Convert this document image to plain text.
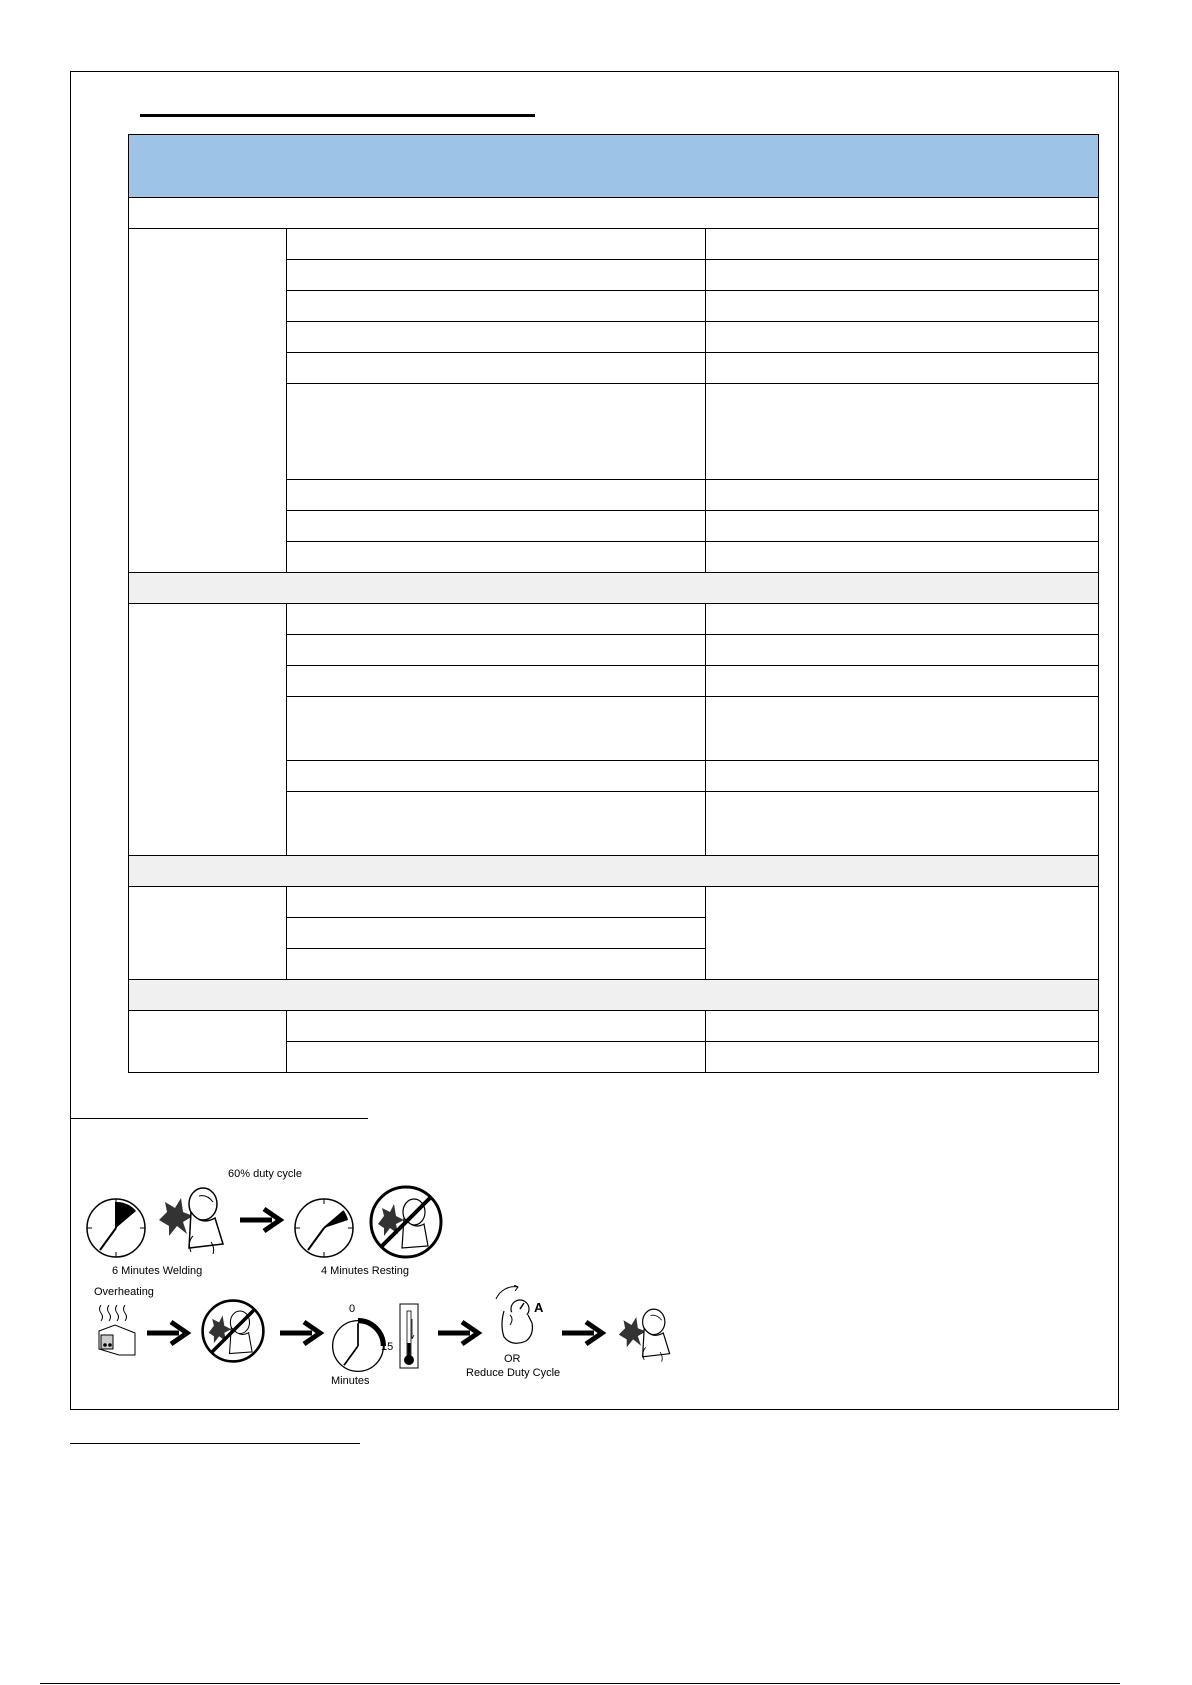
60% duty cycle
6 Minutes Welding	4 Minutes Resting
Overheating
0
15
Minutes
A
OR
Reduce Duty Cycle
